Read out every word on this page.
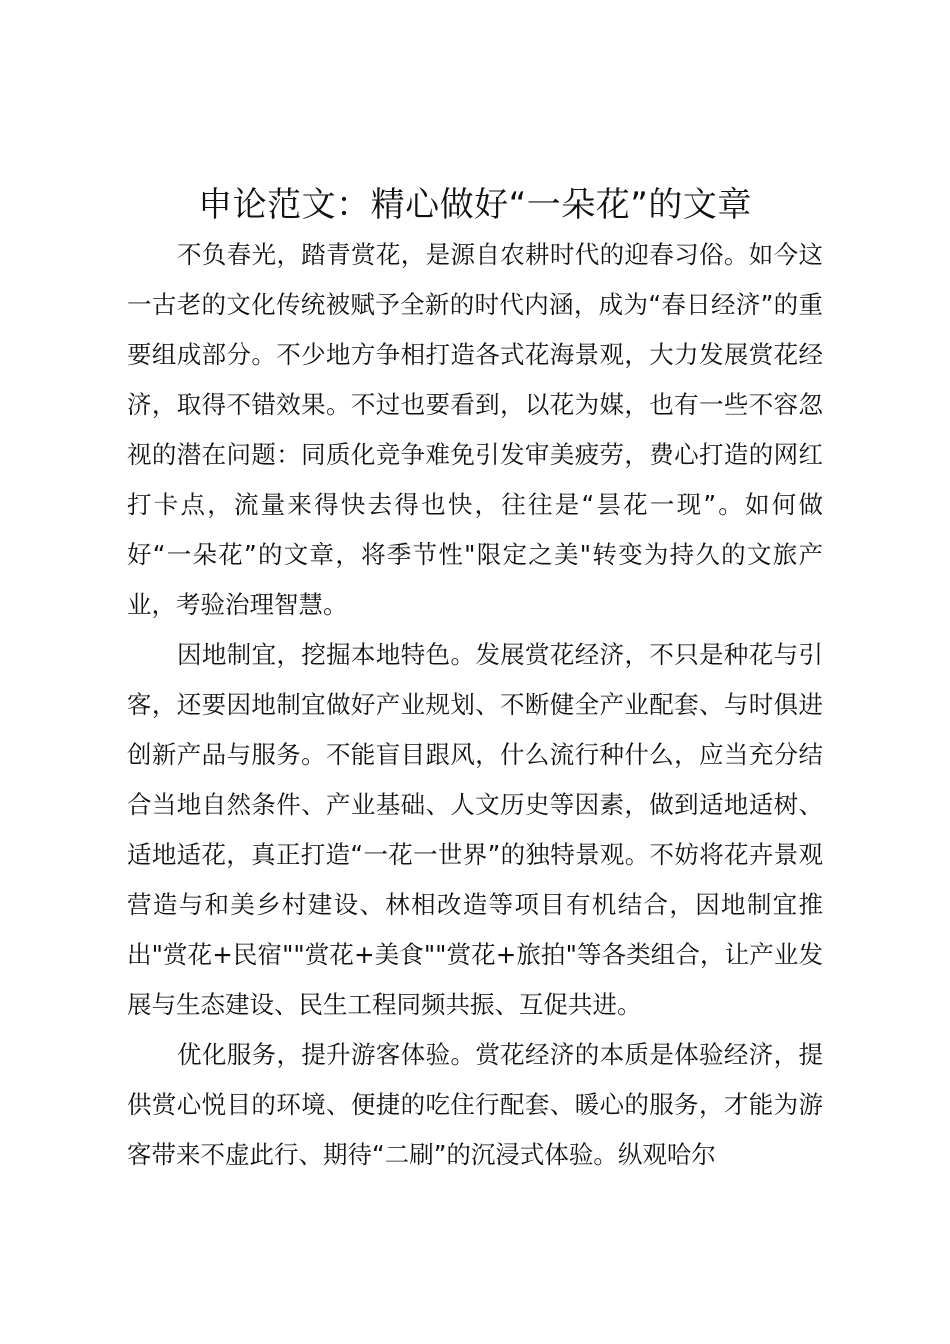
申论范文：精心做好“一朵花”的文章

不负春光，踏青赏花，是源自农耕时代的迎春习俗。如今这一古老的文化传统被赋予全新的时代内涵，成为“春日经济”的重要组成部分。不少地方争相打造各式花海景观，大力发展赏花经济，取得不错效果。不过也要看到，以花为媒，也有一些不容忽视的潜在问题：同质化竞争难免引发审美疲劳，费心打造的网红打卡点，流量来得快去得也快，往往是“昙花一现”。如何做好“一朵花”的文章，将季节性"限定之美"转变为持久的文旅产业，考验治理智慧。

因地制宜，挖掘本地特色。发展赏花经济，不只是种花与引客，还要因地制宜做好产业规划、不断健全产业配套、与时俱进创新产品与服务。不能盲目跟风，什么流行种什么，应当充分结合当地自然条件、产业基础、人文历史等因素，做到适地适树、适地适花，真正打造“一花一世界”的独特景观。不妨将花卉景观营造与和美乡村建设、林相改造等项目有机结合，因地制宜推出"赏花+民宿""赏花+美食""赏花+旅拍"等各类组合，让产业发展与生态建设、民生工程同频共振、互促共进。

优化服务，提升游客体验。赏花经济的本质是体验经济，提供赏心悦目的环境、便捷的吃住行配套、暖心的服务，才能为游客带来不虚此行、期待“二刷”的沉浸式体验。纵观哈尔
